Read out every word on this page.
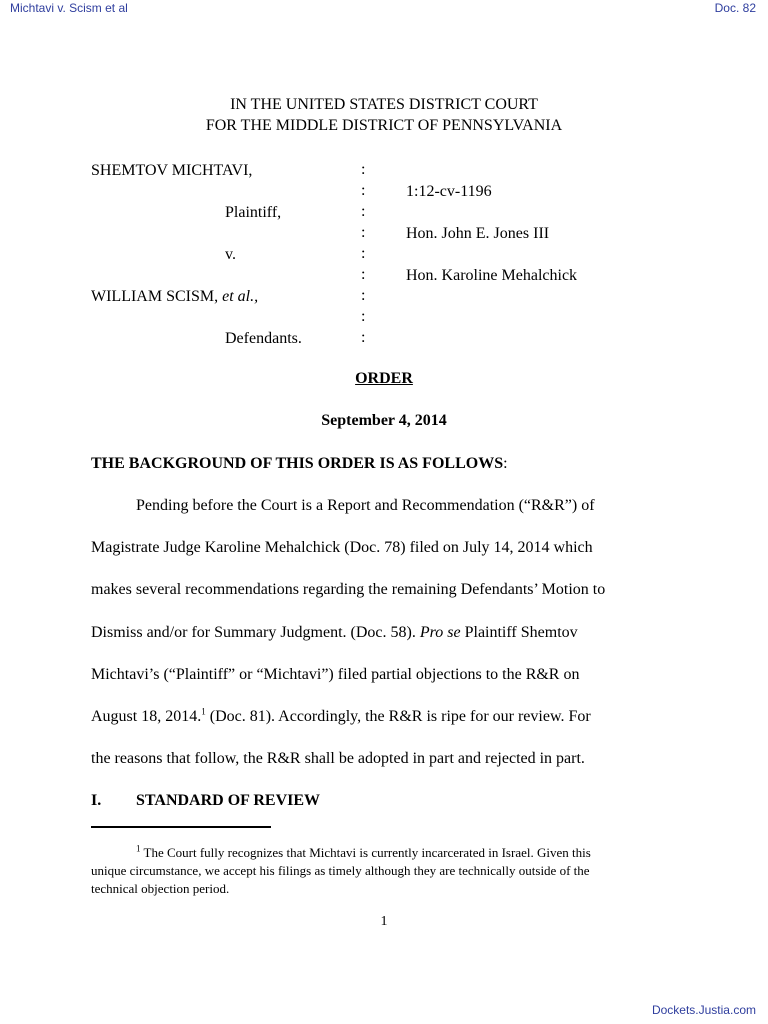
Michtavi v. Scism et al	Doc. 82
IN THE UNITED STATES DISTRICT COURT
FOR THE MIDDLE DISTRICT OF PENNSYLVANIA
SHEMTOV MICHTAVI,
Plaintiff,
v.
WILLIAM SCISM, et al.,
Defendants.
:
:
:
:
:
:
:
:
:
1:12-cv-1196
Hon. John E. Jones III
Hon. Karoline Mehalchick
ORDER
September 4, 2014
THE BACKGROUND OF THIS ORDER IS AS FOLLOWS:
Pending before the Court is a Report and Recommendation (“R&R”) of
Magistrate Judge Karoline Mehalchick (Doc. 78) filed on July 14, 2014 which
makes several recommendations regarding the remaining Defendants’ Motion to
Dismiss and/or for Summary Judgment. (Doc. 58). Pro se Plaintiff Shemtov
Michtavi’s (“Plaintiff” or “Michtavi”) filed partial objections to the R&R on
August 18, 2014.$^1$ (Doc. 81). Accordingly, the R&R is ripe for our review. For
the reasons that follow, the R&R shall be adopted in part and rejected in part.
I. STANDARD OF REVIEW
$^1$ The Court fully recognizes that Michtavi is currently incarcerated in Israel. Given this
unique circumstance, we accept his filings as timely although they are technically outside of the
technical objection period.
1
Dockets.Justia.com
